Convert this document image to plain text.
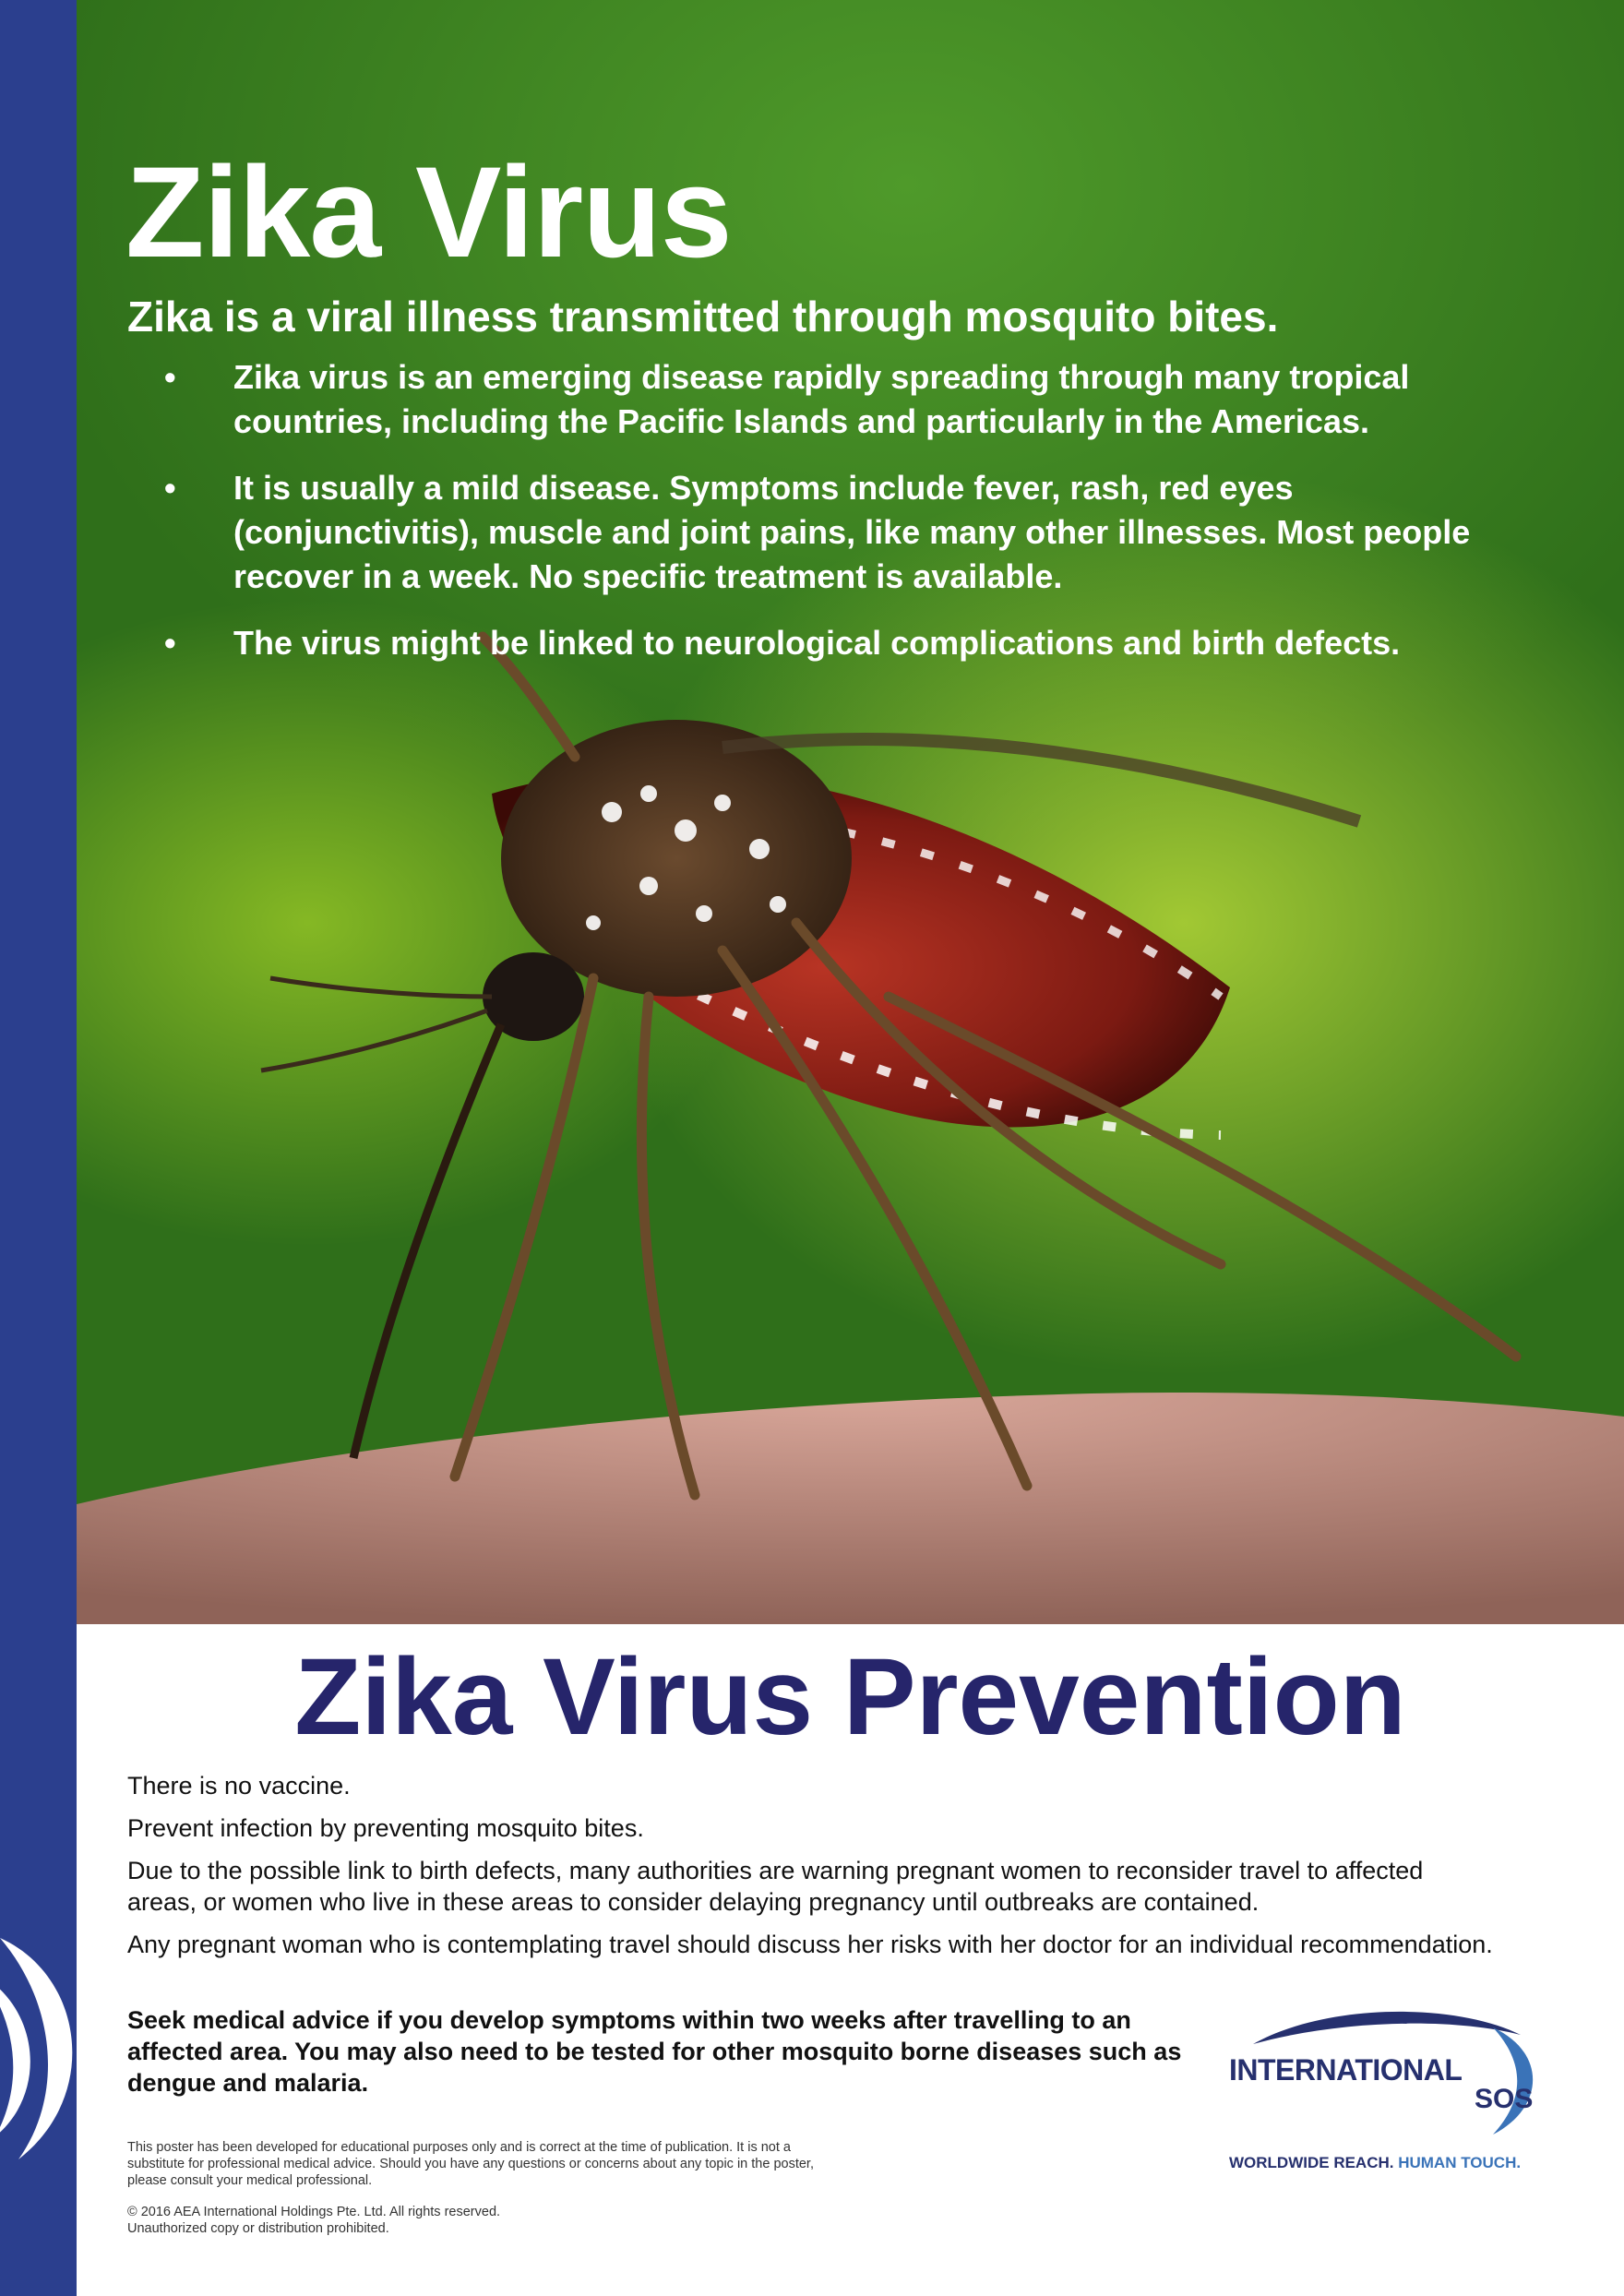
Zika Virus

Zika is a viral illness transmitted through mosquito bites.

• Zika virus is an emerging disease rapidly spreading through many tropical countries, including the Pacific Islands and particularly in the Americas.
• It is usually a mild disease. Symptoms include fever, rash, red eyes (conjunctivitis), muscle and joint pains, like many other illnesses. Most people recover in a week. No specific treatment is available.
• The virus might be linked to neurological complications and birth defects.
Zika Virus Prevention

There is no vaccine.

Prevent infection by preventing mosquito bites.

Due to the possible link to birth defects, many authorities are warning pregnant women to reconsider travel to affected areas, or women who live in these areas to consider delaying pregnancy until outbreaks are contained.

Any pregnant woman who is contemplating travel should discuss her risks with her doctor for an individual recommendation.

Seek medical advice if you develop symptoms within two weeks after travelling to an affected area. You may also need to be tested for other mosquito borne diseases such as dengue and malaria.

This poster has been developed for educational purposes only and is correct at the time of publication. It is not a substitute for professional medical advice. Should you have any questions or concerns about any topic in the poster, please consult your medical professional.

© 2016 AEA International Holdings Pte. Ltd. All rights reserved.
Unauthorized copy or distribution prohibited.
INTERNATIONAL
SOS
WORLDWIDE REACH. HUMAN TOUCH.
